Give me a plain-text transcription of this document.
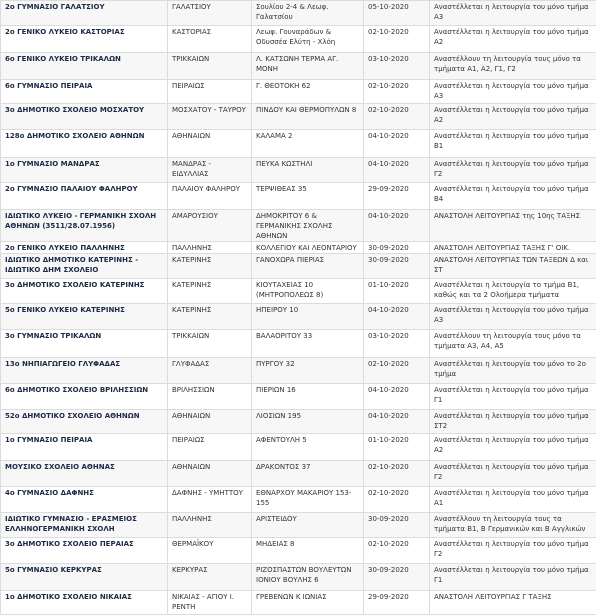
2ο ΓΥΜΝΑΣΙΟ ΓΑΛΑΤΣΙΟΥ	ΓΑΛΑΤΣΙΟΥ	Σουλίου 2-4 & Λεωφ. Γαλατσίου	05-10-2020	Αναστέλλεται η λειτουργία του μόνο τμήμα Α3
2ο ΓΕΝΙΚΟ ΛΥΚΕΙΟ ΚΑΣΤΟΡΙΑΣ	ΚΑΣΤΟΡΙΑΣ	Λεωφ. Γουναράδων & Οδυσσέα Ελύτη - Χλόη	02-10-2020	Αναστέλλεται η λειτουργία του μόνο τμήμα Α2
6ο ΓΕΝΙΚΟ ΛΥΚΕΙΟ ΤΡΙΚΑΛΩΝ	ΤΡΙΚΚΑΙΩΝ	Λ. ΚΑΤΣΩΝΗ ΤΕΡΜΑ ΑΓ. ΜΟΝΗ	03-10-2020	Αναστέλλουν τη λειτουργία τους μόνο τα τμήματα Α1, Α2, Γ1, Γ2
6ο ΓΥΜΝΑΣΙΟ ΠΕΙΡΑΙΑ	ΠΕΙΡΑΙΩΣ	Γ. ΘΕΟΤΟΚΗ 62	02-10-2020	Αναστέλλεται η λειτουργία του μόνο τμήμα Α3
3ο ΔΗΜΟΤΙΚΟ ΣΧΟΛΕΙΟ ΜΟΣΧΑΤΟΥ	ΜΟΣΧΑΤΟΥ - ΤΑΥΡΟΥ	ΠΙΝΔΟΥ ΚΑΙ ΘΕΡΜΟΠΥΛΩΝ 8	02-10-2020	Αναστέλλεται η λειτουργία του μόνο τμήμα Α2
128ο ΔΗΜΟΤΙΚΟ ΣΧΟΛΕΙΟ ΑΘΗΝΩΝ	ΑΘΗΝΑΙΩΝ	ΚΑΛΑΜΑ 2	04-10-2020	Αναστέλλεται η λειτουργία του μόνο τμήμα Β1
1ο ΓΥΜΝΑΣΙΟ ΜΑΝΔΡΑΣ	ΜΑΝΔΡΑΣ - ΕΙΔΥΛΛΙΑΣ	ΠΕΥΚΑ ΚΩΣΤΗΛΙ	04-10-2020	Αναστέλλεται η λειτουργία του μόνο τμήμα Γ2
2ο ΓΥΜΝΑΣΙΟ ΠΑΛΑΙΟΥ ΦΑΛΗΡΟΥ	ΠΑΛΑΙΟΥ ΦΑΛΗΡΟΥ	ΤΕΡΨΙΘΕΑΣ 35	29-09-2020	Αναστέλλεται η λειτουργία του μόνο τμήμα Β4
ΙΔΙΩΤΙΚΟ ΛΥΚΕΙΟ - ΓΕΡΜΑΝΙΚΗ ΣΧΟΛΗ ΑΘΗΝΩΝ (3511/28.07.1956)	ΑΜΑΡΟΥΣΙΟΥ	ΔΗΜΟΚΡΙΤΟΥ 6 & ΓΕΡΜΑΝΙΚΗΣ ΣΧΟΛΗΣ ΑΘΗΝΩΝ	04-10-2020	ΑΝΑΣΤΟΛΗ ΛΕΙΤΟΥΡΓΙΑΣ της 10ης ΤΑΞΗΣ
2ο ΓΕΝΙΚΟ ΛΥΚΕΙΟ ΠΑΛΛΗΝΗΣ	ΠΑΛΛΗΝΗΣ	ΚΟΛΛΕΓΙΟΥ ΚΑΙ ΛΕΟΝΤΑΡΙΟΥ	30-09-2020	ΑΝΑΣΤΟΛΗ ΛΕΙΤΟΥΡΓΙΑΣ ΤΑΞΗΣ Γ' ΟΙΚ.
ΙΔΙΩΤΙΚΟ ΔΗΜΟΤΙΚΟ ΚΑΤΕΡΙΝΗΣ - ΙΔΙΩΤΙΚΟ ΔΗΜ ΣΧΟΛΕΙΟ	ΚΑΤΕΡΙΝΗΣ	ΓΑΝΟΧΩΡΑ ΠΙΕΡΙΑΣ	30-09-2020	ΑΝΑΣΤΟΛΗ ΛΕΙΤΟΥΡΓΙΑΣ ΤΩΝ ΤΑΞΕΩΝ Δ και ΣΤ
3ο ΔΗΜΟΤΙΚΟ ΣΧΟΛΕΙΟ ΚΑΤΕΡΙΝΗΣ	ΚΑΤΕΡΙΝΗΣ	ΚΙΟΥΤΑΧΕΙΑΣ 10 (ΜΗΤΡΟΠΟΛΕΩΣ 8)	01-10-2020	Αναστέλλεται η λειτουργία το τμήμα Β1, καθώς και τα 2 Ολοήμερα τμήματα
5ο ΓΕΝΙΚΟ ΛΥΚΕΙΟ ΚΑΤΕΡΙΝΗΣ	ΚΑΤΕΡΙΝΗΣ	ΗΠΕΙΡΟΥ 10	04-10-2020	Αναστέλλεται η λειτουργία του μόνο τμήμα Α3
3ο ΓΥΜΝΑΣΙΟ ΤΡΙΚΑΛΩΝ	ΤΡΙΚΚΑΙΩΝ	ΒΑΛΑΟΡΙΤΟΥ 33	03-10-2020	Αναστέλλουν τη λειτουργία τους μόνο τα τμήματα Α3, Α4, Α5
13ο ΝΗΠΙΑΓΩΓΕΙΟ ΓΛΥΦΑΔΑΣ	ΓΛΥΦΑΔΑΣ	ΠΥΡΓΟΥ 32	02-10-2020	Αναστέλλεται η λειτουργία του μόνο το 2ο τμήμα
6ο ΔΗΜΟΤΙΚΟ ΣΧΟΛΕΙΟ ΒΡΙΛΗΣΣΙΩΝ	ΒΡΙΛΗΣΣΙΩΝ	ΠΙΕΡΙΩΝ 16	04-10-2020	Αναστέλλεται η λειτουργία του μόνο τμήμα Γ1
52ο ΔΗΜΟΤΙΚΟ ΣΧΟΛΕΙΟ ΑΘΗΝΩΝ	ΑΘΗΝΑΙΩΝ	ΛΙΟΣΙΩΝ 195	04-10-2020	Αναστέλλεται η λειτουργία του μόνο τμήμα ΣΤ2
1ο ΓΥΜΝΑΣΙΟ ΠΕΙΡΑΙΑ	ΠΕΙΡΑΙΩΣ	ΑΦΕΝΤΟΥΛΗ 5	01-10-2020	Αναστέλλεται η λειτουργία του μόνο τμήμα Α2
ΜΟΥΣΙΚΟ ΣΧΟΛΕΙΟ ΑΘΗΝΑΣ	ΑΘΗΝΑΙΩΝ	ΔΡΑΚΟΝΤΟΣ 37	02-10-2020	Αναστέλλεται η λειτουργία του μόνο τμήμα Γ2
4ο ΓΥΜΝΑΣΙΟ ΔΑΦΝΗΣ	ΔΑΦΝΗΣ - ΥΜΗΤΤΟΥ	ΕΘΝΑΡΧΟΥ ΜΑΚΑΡΙΟΥ 153-155	02-10-2020	Αναστέλλεται η λειτουργία του μόνο τμήμα Α1
ΙΔΙΩΤΙΚΟ ΓΥΜΝΑΣΙΟ - ΕΡΑΣΜΕΙΟΣ ΕΛΛΗΝΟΓΕΡΜΑΝΙΚΗ ΣΧΟΛΗ	ΠΑΛΛΗΝΗΣ	ΑΡΙΣΤΕΙΔΟΥ	30-09-2020	Αναστέλλουν τη λειτουργία τους τα τμήματα Β1, Β Γερμανικών και Β Αγγλικών
3ο ΔΗΜΟΤΙΚΟ ΣΧΟΛΕΙΟ ΠΕΡΑΙΑΣ	ΘΕΡΜΑΪΚΟΥ	ΜΗΔΕΙΑΣ 8	02-10-2020	Αναστέλλεται η λειτουργία του μόνο τμήμα Γ2
5ο ΓΥΜΝΑΣΙΟ ΚΕΡΚΥΡΑΣ	ΚΕΡΚΥΡΑΣ	ΡΙΖΟΣΠΑΣΤΩΝ ΒΟΥΛΕΥΤΩΝ ΙΟΝΙΟΥ ΒΟΥΛΗΣ 6	30-09-2020	Αναστέλλεται η λειτουργία του μόνο τμήμα Γ1
1ο ΔΗΜΟΤΙΚΟ ΣΧΟΛΕΙΟ ΝΙΚΑΙΑΣ	ΝΙΚΑΙΑΣ - ΑΓΙΟΥ Ι. ΡΕΝΤΗ	ΓΡΕΒΕΝΩΝ Κ ΙΩΝΙΑΣ	29-09-2020	ΑΝΑΣΤΟΛΗ ΛΕΙΤΟΥΡΓΙΑΣ Γ ΤΑΞΗΣ
